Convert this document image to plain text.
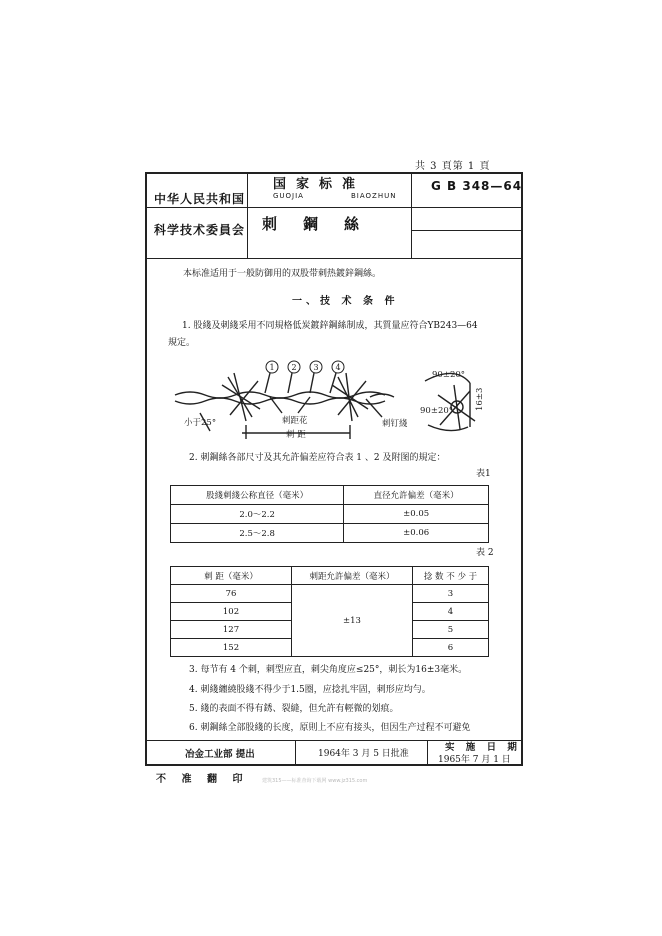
共 3 頁第 1 頁
中华人民共和国
科学技术委員会
国家标准
GUOJIA	BIAOZHUN
刺鋼絲
G B 348—64
本标准适用于一般防御用的双股带刺热鍍鋅鋼絲。
一、技 术 条 件
1. 股綫及刺綫采用不同規格低炭鍍鋅鋼絲制成，其質量应符合YB243—64
規定。
1 2 3 4
刺距花	刺钉綫
小于25°
刺 距
90±20°
90±20°	16±3
2. 刺鋼絲各部尺寸及其允許偏差应符合表 1 、2 及附图的規定：
表1
股綫刺綫公称直径（毫米）	直径允許偏差（毫米）
2.0～2.2	±0.05
2.5～2.8	±0.06
表 2
刺 距（毫米）	刺距允許偏差（毫米）	捻 数 不 少 于
76	±13	3
102		4
127		5
152		6
3. 每节有 4 个刺，刺型应直，刺尖角度应≤25°，刺长为16±3毫米。
4. 刺綫纏繞股綫不得少于1.5圈，应捻扎牢固，刺形应均勻。
5. 綫的表面不得有銹、裂縫，但允許有輕微的划痕。
6. 刺鋼絲全部股綫的长度，原則上不应有接头，但因生产过程不可避免
冶金工业部 提出	1964年 3 月 5 日批准
实 施 日 期
1965年 7 月 1 日
不 准 翻 印	建筑315——标准查询下载网 www.jz315.com
